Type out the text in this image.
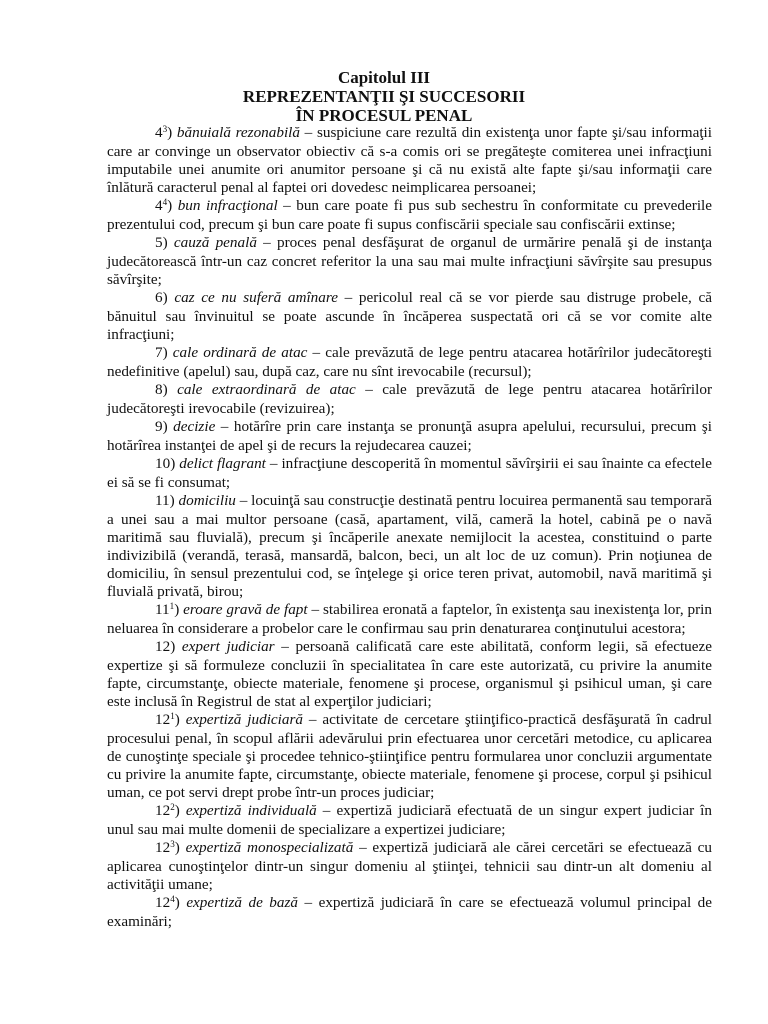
Capitolul III
REPREZENTANŢII ŞI SUCCESORII
ÎN PROCESUL PENAL

$4^3$) bănuială rezonabilă – suspiciune care rezultă din existenţa unor fapte şi/sau informaţii care ar convinge un observator obiectiv că s-a comis ori se pregăteşte comiterea unei infracţiuni imputabile unei anumite ori anumitor persoane şi că nu există alte fapte şi/sau informaţii care înlătură caracterul penal al faptei ori dovedesc neimplicarea persoanei;

$4^4$) bun infracţional – bun care poate fi pus sub sechestru în conformitate cu prevederile prezentului cod, precum şi bun care poate fi supus confiscării speciale sau confiscării extinse;

5) cauză penală – proces penal desfăşurat de organul de urmărire penală şi de instanţa judecătorească într-un caz concret referitor la una sau mai multe infracţiuni săvîrşite sau presupus săvîrşite;

6) caz ce nu suferă amînare – pericolul real că se vor pierde sau distruge probele, că bănuitul sau învinuitul se poate ascunde în încăperea suspectată ori că se vor comite alte infracţiuni;

7) cale ordinară de atac – cale prevăzută de lege pentru atacarea hotărîrilor judecătoreşti nedefinitive (apelul) sau, după caz, care nu sînt irevocabile (recursul);

8) cale extraordinară de atac – cale prevăzută de lege pentru atacarea hotărîrilor judecătoreşti irevocabile (revizuirea);

9) decizie – hotărîre prin care instanţa se pronunţă asupra apelului, recursului, precum şi hotărîrea instanţei de apel şi de recurs la rejudecarea cauzei;

10) delict flagrant – infracţiune descoperită în momentul săvîrşirii ei sau înainte ca efectele ei să se fi consumat;

11) domiciliu – locuinţă sau construcţie destinată pentru locuirea permanentă sau temporară a unei sau a mai multor persoane (casă, apartament, vilă, cameră la hotel, cabină pe o navă maritimă sau fluvială), precum şi încăperile anexate nemijlocit la acestea, constituind o parte indivizibilă (verandă, terasă, mansardă, balcon, beci, un alt loc de uz comun). Prin noţiunea de domiciliu, în sensul prezentului cod, se înţelege şi orice teren privat, automobil, navă maritimă şi fluvială privată, birou;

$11^1$) eroare gravă de fapt – stabilirea eronată a faptelor, în existenţa sau inexistenţa lor, prin neluarea în considerare a probelor care le confirmau sau prin denaturarea conţinutului acestora;

12) expert judiciar – persoană calificată care este abilitată, conform legii, să efectueze expertize şi să formuleze concluzii în specialitatea în care este autorizată, cu privire la anumite fapte, circumstanţe, obiecte materiale, fenomene şi procese, organismul şi psihicul uman, şi care este inclusă în Registrul de stat al experţilor judiciari;

$12^1$) expertiză judiciară – activitate de cercetare ştiinţifico-practică desfăşurată în cadrul procesului penal, în scopul aflării adevărului prin efectuarea unor cercetări metodice, cu aplicarea de cunoştinţe speciale şi procedee tehnico-ştiinţifice pentru formularea unor concluzii argumentate cu privire la anumite fapte, circumstanţe, obiecte materiale, fenomene şi procese, corpul şi psihicul uman, ce pot servi drept probe într-un proces judiciar;

$12^2$) expertiză individuală – expertiză judiciară efectuată de un singur expert judiciar în unul sau mai multe domenii de specializare a expertizei judiciare;

$12^3$) expertiză monospecializată – expertiză judiciară ale cărei cercetări se efectuează cu aplicarea cunoştinţelor dintr-un singur domeniu al ştiinţei, tehnicii sau dintr-un alt domeniu al activităţii umane;

$12^4$) expertiză de bază – expertiză judiciară în care se efectuează volumul principal de examinări;
